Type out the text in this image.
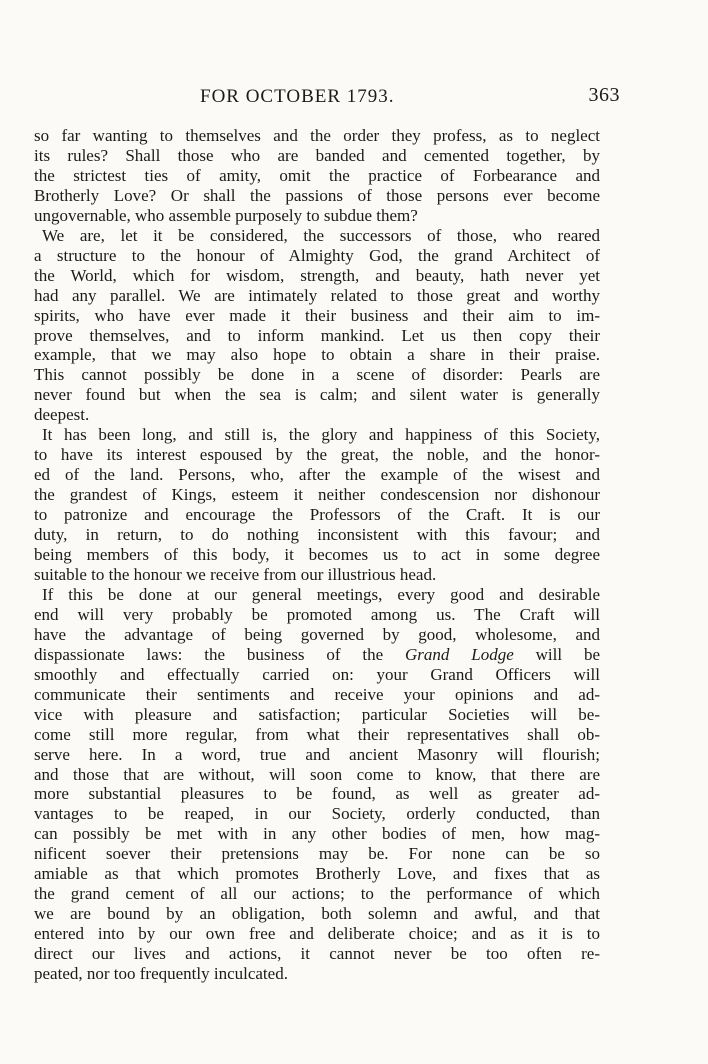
FOR OCTOBER 1793.	363
so far wanting to themselves and the order they profess, as to neglect
its rules? Shall those who are banded and cemented together, by
the strictest ties of amity, omit the practice of Forbearance and
Brotherly Love? Or shall the passions of those persons ever become
ungovernable, who assemble purposely to subdue them?
We are, let it be considered, the successors of those, who reared
a structure to the honour of Almighty God, the grand Architect of
the World, which for wisdom, strength, and beauty, hath never yet
had any parallel. We are intimately related to those great and worthy
spirits, who have ever made it their business and their aim to im-
prove themselves, and to inform mankind. Let us then copy their
example, that we may also hope to obtain a share in their praise.
This cannot possibly be done in a scene of disorder: Pearls are
never found but when the sea is calm; and silent water is generally
deepest.
It has been long, and still is, the glory and happiness of this Society,
to have its interest espoused by the great, the noble, and the honor-
ed of the land. Persons, who, after the example of the wisest and
the grandest of Kings, esteem it neither condescension nor dishonour
to patronize and encourage the Professors of the Craft. It is our
duty, in return, to do nothing inconsistent with this favour; and
being members of this body, it becomes us to act in some degree
suitable to the honour we receive from our illustrious head.
If this be done at our general meetings, every good and desirable
end will very probably be promoted among us. The Craft will
have the advantage of being governed by good, wholesome, and
dispassionate laws: the business of the Grand Lodge will be
smoothly and effectually carried on: your Grand Officers will
communicate their sentiments and receive your opinions and ad-
vice with pleasure and satisfaction; particular Societies will be-
come still more regular, from what their representatives shall ob-
serve here. In a word, true and ancient Masonry will flourish;
and those that are without, will soon come to know, that there are
more substantial pleasures to be found, as well as greater ad-
vantages to be reaped, in our Society, orderly conducted, than
can possibly be met with in any other bodies of men, how mag-
nificent soever their pretensions may be. For none can be so
amiable as that which promotes Brotherly Love, and fixes that as
the grand cement of all our actions; to the performance of which
we are bound by an obligation, both solemn and awful, and that
entered into by our own free and deliberate choice; and as it is to
direct our lives and actions, it cannot never be too often re-
peated, nor too frequently inculcated.
